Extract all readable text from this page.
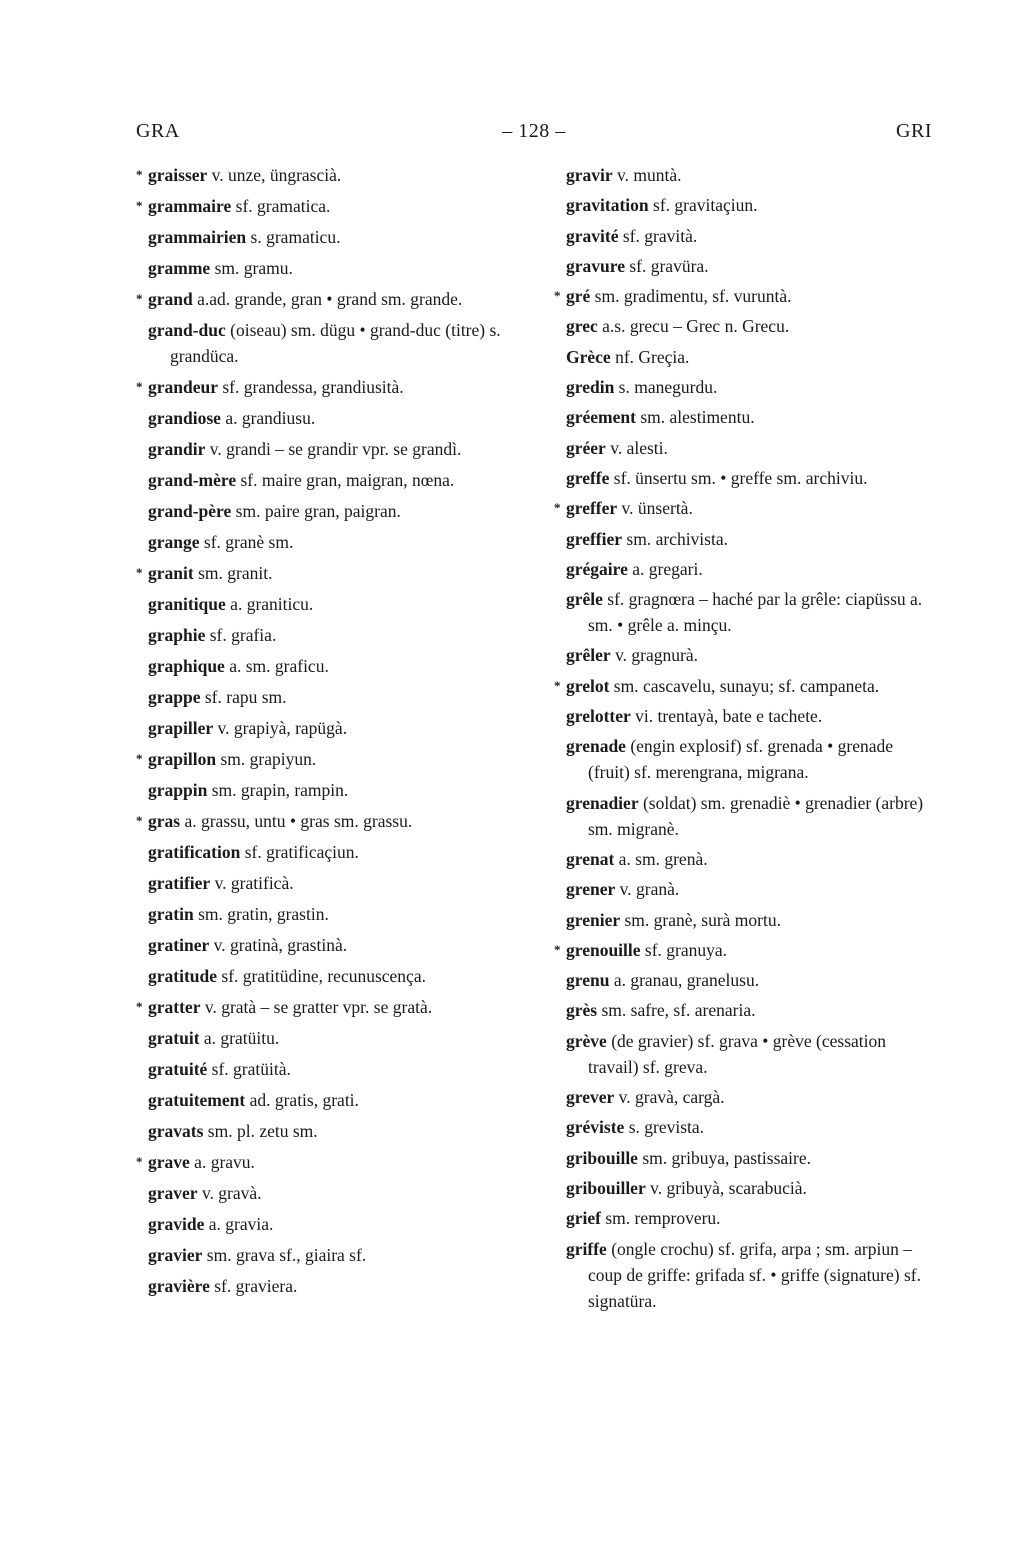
GRA	– 128 –	GRI
* graisser v. unze, üngrascià.
* grammaire sf. gramatica.
grammairien s. gramaticu.
gramme sm. gramu.
* grand a.ad. grande, gran • grand sm. grande.
grand-duc (oiseau) sm. dügu • grand-duc (titre) s. grandüca.
* grandeur sf. grandessa, grandiusità.
grandiose a. grandiusu.
grandir v. grandi – se grandir vpr. se grandì.
grand-mère sf. maire gran, maigran, nœna.
grand-père sm. paire gran, paigran.
grange sf. granè sm.
* granit sm. granit.
granitique a. graniticu.
graphie sf. grafia.
graphique a. sm. graficu.
grappe sf. rapu sm.
grapiller v. grapiyà, rapügà.
* grapillon sm. grapiyun.
grappin sm. grapin, rampin.
* gras a. grassu, untu • gras sm. grassu.
gratification sf. gratificaçiun.
gratifier v. gratificà.
gratin sm. gratin, grastin.
gratiner v. gratinà, grastinà.
gratitude sf. gratitüdine, recunuscença.
* gratter v. gratà – se gratter vpr. se gratà.
gratuit a. gratüitu.
gratuité sf. gratüità.
gratuitement ad. gratis, grati.
gravats sm. pl. zetu sm.
* grave a. gravu.
graver v. gravà.
gravide a. gravia.
gravier sm. grava sf., giaira sf.
gravière sf. graviera.
gravir v. muntà.
gravitation sf. gravitaçiun.
gravité sf. gravità.
gravure sf. gravüra.
* gré sm. gradimentu, sf. vuruntà.
grec a.s. grecu – Grec n. Grecu.
Grèce nf. Greçia.
gredin s. manegurdu.
gréement sm. alestimentu.
gréer v. alesti.
greffe sf. ünsertu sm. • greffe sm. archiviu.
* greffer v. ünsertà.
greffier sm. archivista.
grégaire a. gregari.
grêle sf. gragnœra – haché par la grêle: ciapüssu a. sm. • grêle a. minçu.
grêler v. gragnurà.
* grelot sm. cascavelu, sunayu; sf. campaneta.
grelotter vi. trentayà, bate e tachete.
grenade (engin explosif) sf. grenada • grenade (fruit) sf. merengrana, migrana.
grenadier (soldat) sm. grenadiè • grenadier (arbre) sm. migranè.
grenat a. sm. grenà.
grener v. granà.
grenier sm. granè, surà mortu.
* grenouille sf. granuya.
grenu a. granau, granelusu.
grès sm. safre, sf. arenaria.
grève (de gravier) sf. grava • grève (cessation travail) sf. greva.
grever v. gravà, cargà.
gréviste s. grevista.
gribouille sm. gribuya, pastissaire.
gribouiller v. gribuyà, scarabucià.
grief sm. remproveru.
griffe (ongle crochu) sf. grifa, arpa ; sm. arpiun – coup de griffe: grifada sf. • griffe (signature) sf. signatüra.
